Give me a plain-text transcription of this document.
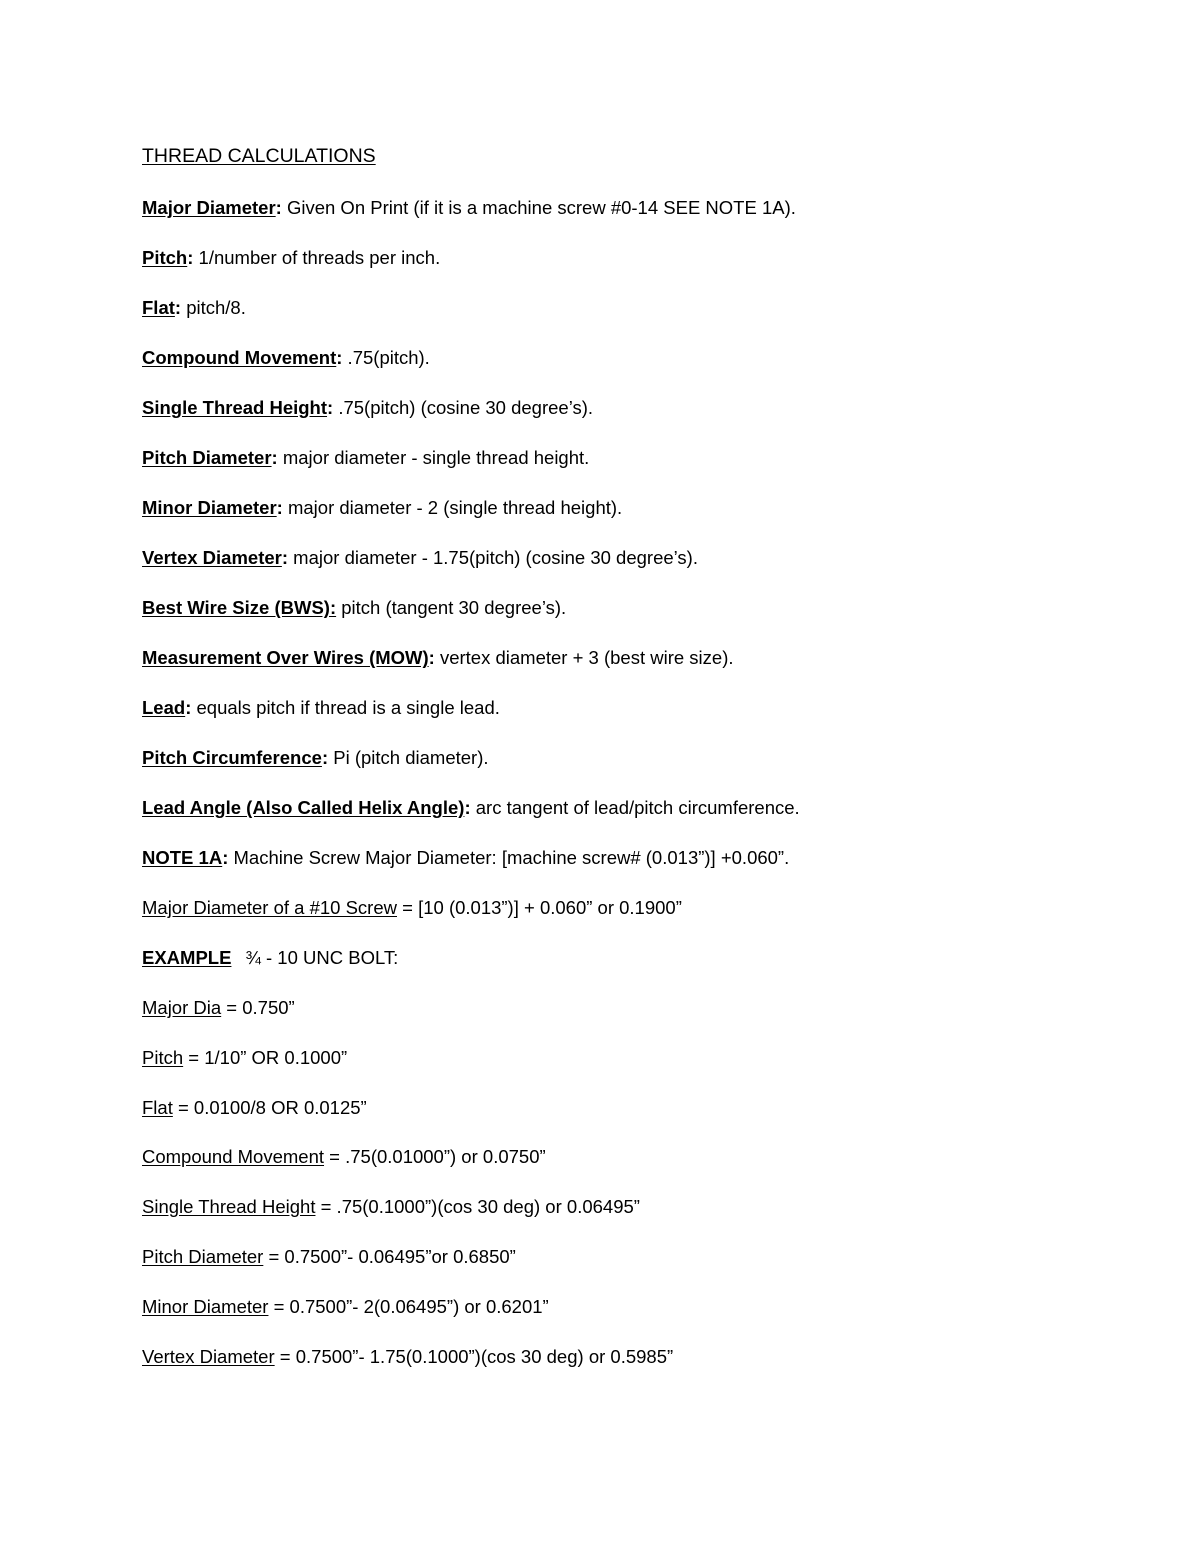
THREAD CALCULATIONS
Major Diameter: Given On Print (if it is a machine screw #0-14 SEE NOTE 1A).
Pitch: 1/number of threads per inch.
Flat: pitch/8.
Compound Movement: .75(pitch).
Single Thread Height: .75(pitch) (cosine 30 degree’s).
Pitch Diameter: major diameter - single thread height.
Minor Diameter: major diameter - 2 (single thread height).
Vertex Diameter: major diameter - 1.75(pitch) (cosine 30 degree’s).
Best Wire Size (BWS): pitch (tangent 30 degree’s).
Measurement Over Wires (MOW): vertex diameter + 3 (best wire size).
Lead: equals pitch if thread is a single lead.
Pitch Circumference: Pi (pitch diameter).
Lead Angle (Also Called Helix Angle): arc tangent of lead/pitch circumference.
NOTE 1A: Machine Screw Major Diameter: [machine screw# (0.013”)] +0.060”.
Major Diameter of a #10 Screw = [10 (0.013”)] + 0.060” or 0.1900”
EXAMPLE ¾ - 10 UNC BOLT:
Major Dia = 0.750”
Pitch = 1/10” OR 0.1000”
Flat = 0.0100/8 OR 0.0125”
Compound Movement = .75(0.01000”) or 0.0750”
Single Thread Height = .75(0.1000”)(cos 30 deg) or 0.06495”
Pitch Diameter = 0.7500”- 0.06495”or 0.6850”
Minor Diameter = 0.7500”- 2(0.06495”) or 0.6201”
Vertex Diameter = 0.7500”- 1.75(0.1000”)(cos 30 deg) or 0.5985”
